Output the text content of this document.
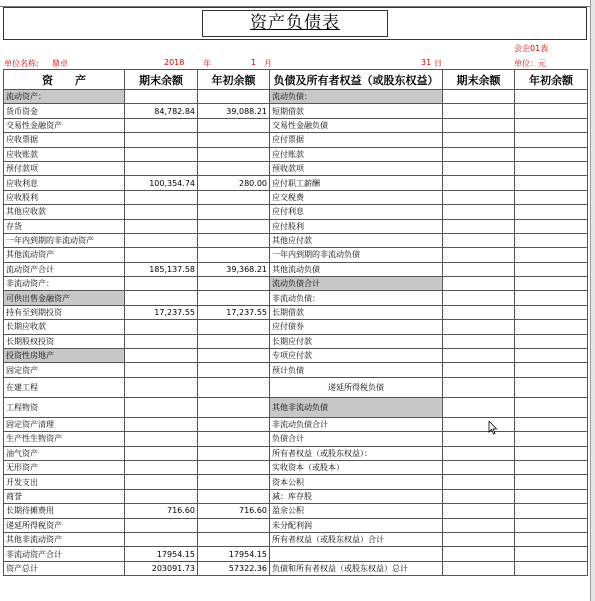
资产负债表
会企01表
单位名称: 鼎卓	2018 年	1 月	31 日	单位：元
资　　产	期末余额	年初余额	负债及所有者权益（或股东权益）	期末余额	年初余额
流动资产：			流动负债：		
货币资金	84,782.84	39,088.21	短期借款		
交易性金融资产			交易性金融负债		
应收票据			应付票据		
应收账款			应付账款		
预付款项			预收款项		
应收利息	100,354.74	280.00	应付职工薪酬		
应收股利			应交税费		
其他应收款			应付利息		
存货			应付股利		
一年内到期的非流动资产			其他应付款		
其他流动资产			一年内到期的非流动负债		
流动资产合计	185,137.58	39,368.21	其他流动负债		
非流动资产：			流动负债合计		
可供出售金融资产			非流动负债：		
持有至到期投资	17,237.55	17,237.55	长期借款		
长期应收款			应付债券		
长期股权投资			长期应付款		
投资性房地产			专项应付款		
固定资产			预计负债		
在建工程			递延所得税负债		
工程物资			其他非流动负债		
固定资产清理			非流动负债合计		
生产性生物资产			负债合计		
油气资产			所有者权益（或股东权益）：		
无形资产			实收资本（或股本）		
开发支出			资本公积		
商誉			减：库存股		
长期待摊费用	716.60	716.60	盈余公积		
递延所得税资产			未分配利润		
其他非流动资产			所有者权益（或股东权益）合计		
非流动资产合计	17954.15	17954.15			
资产总计	203091.73	57322.36	负债和所有者权益（或股东权益）总计		
